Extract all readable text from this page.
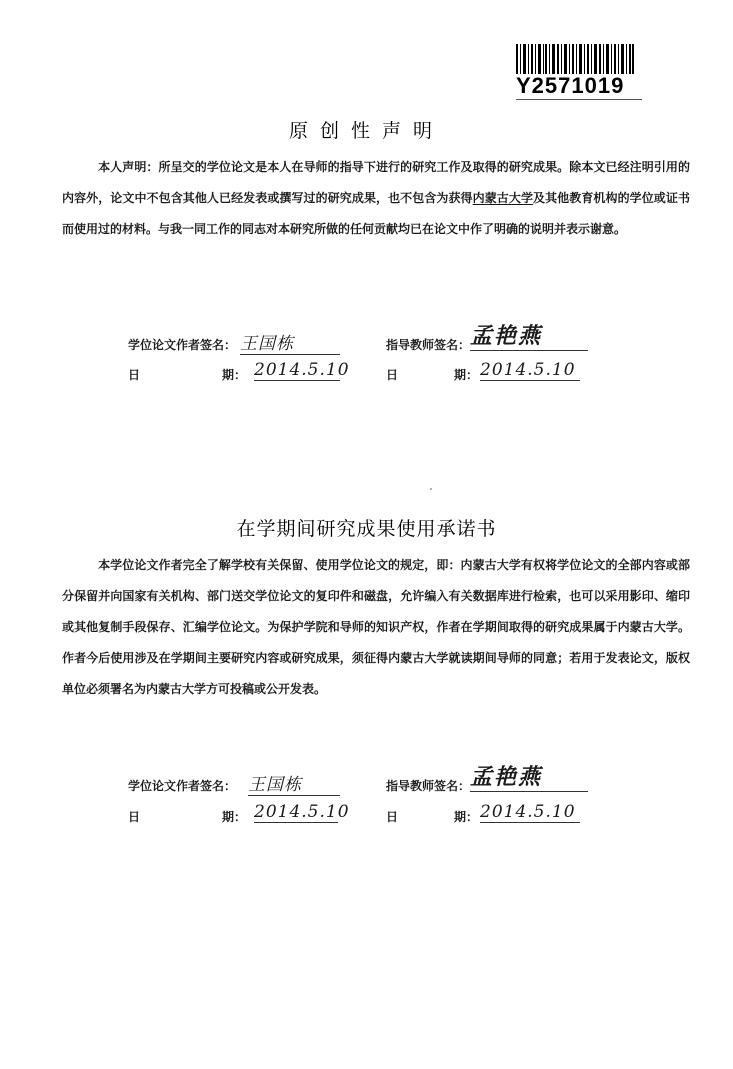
Y2571019
原创性声明
本人声明：所呈交的学位论文是本人在导师的指导下进行的研究工作及取得的研究成果。除本文已经注明引用的内容外，论文中不包含其他人已经发表或撰写过的研究成果，也不包含为获得内蒙古大学及其他教育机构的学位或证书而使用过的材料。与我一同工作的同志对本研究所做的任何贡献均已在论文中作了明确的说明并表示谢意。
学位论文作者签名： 王国栋	指导教师签名： 孟艳燕
日	期： 2014.5.10	日	期： 2014.5.10
在学期间研究成果使用承诺书
本学位论文作者完全了解学校有关保留、使用学位论文的规定，即：内蒙古大学有权将学位论文的全部内容或部分保留并向国家有关机构、部门送交学位论文的复印件和磁盘，允许编入有关数据库进行检索，也可以采用影印、缩印或其他复制手段保存、汇编学位论文。为保护学院和导师的知识产权，作者在学期间取得的研究成果属于内蒙古大学。作者今后使用涉及在学期间主要研究内容或研究成果，须征得内蒙古大学就读期间导师的同意；若用于发表论文，版权单位必须署名为内蒙古大学方可投稿或公开发表。
学位论文作者签名： 王国栋	指导教师签名： 孟艳燕
日	期： 2014.5.10	日	期： 2014.5.10
